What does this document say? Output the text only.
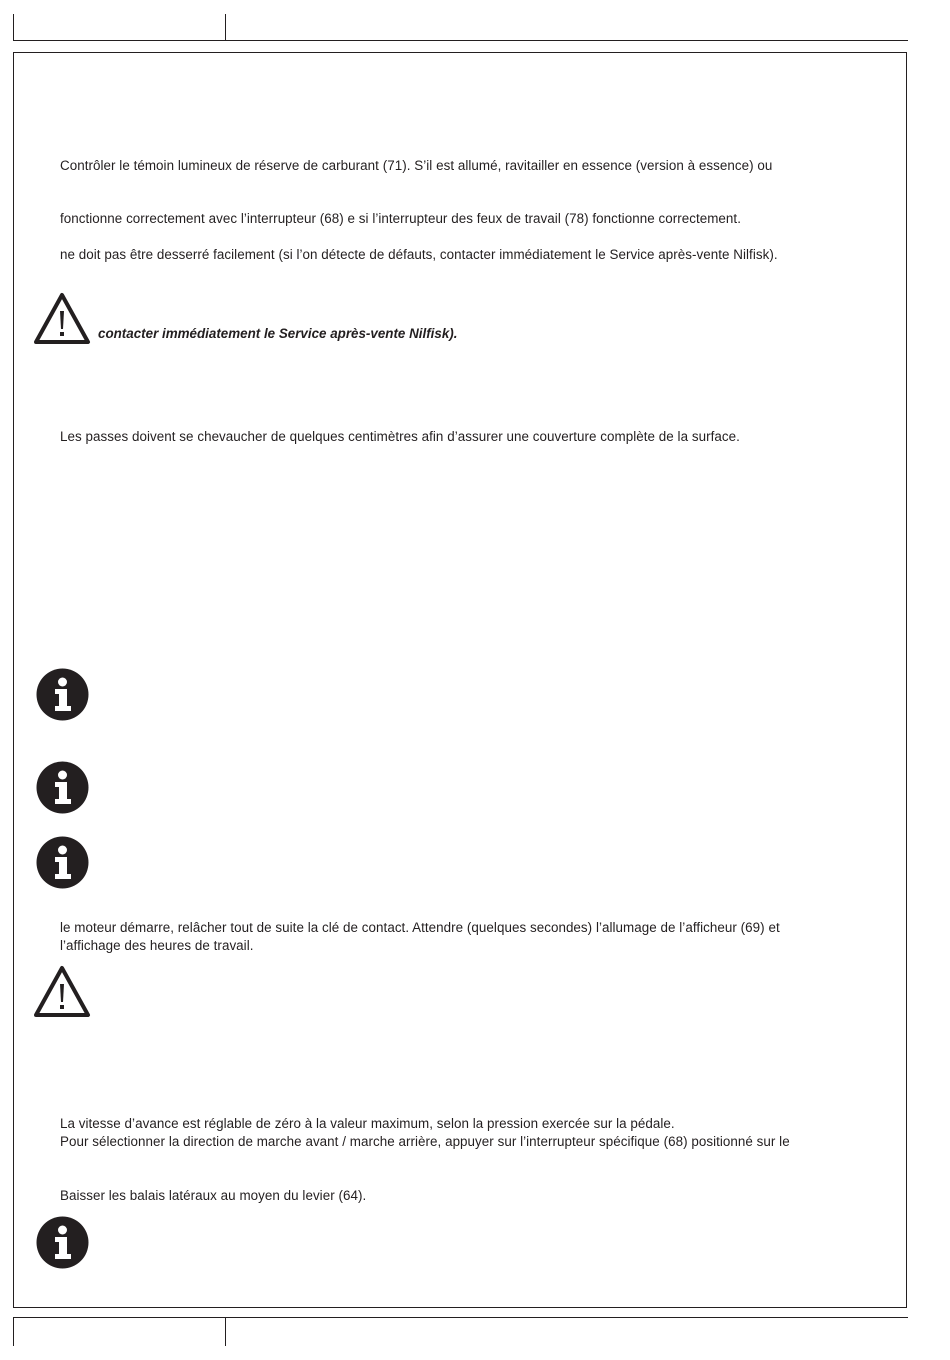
Contrôler le témoin lumineux de réserve de carburant (71). S’il est allumé, ravitailler en essence (version à essence) ou
fonctionne correctement avec l’interrupteur (68) e si l’interrupteur des feux de travail (78) fonctionne correctement.
ne doit pas être desserré facilement (si l’on détecte de défauts, contacter immédiatement le Service après-vente Nilfisk).
contacter immédiatement le Service après-vente Nilfisk).
Les passes doivent se chevaucher de quelques centimètres afin d’assurer une couverture complète de la surface.
le moteur démarre, relâcher tout de suite la clé de contact. Attendre (quelques secondes) l’allumage de l’afficheur (69) et
l’affichage des heures de travail.
La vitesse d’avance est réglable de zéro à la valeur maximum, selon la pression exercée sur la pédale.
Pour sélectionner la direction de marche avant / marche arrière, appuyer sur l’interrupteur spécifique (68) positionné sur le
Baisser les balais latéraux au moyen du levier (64).
